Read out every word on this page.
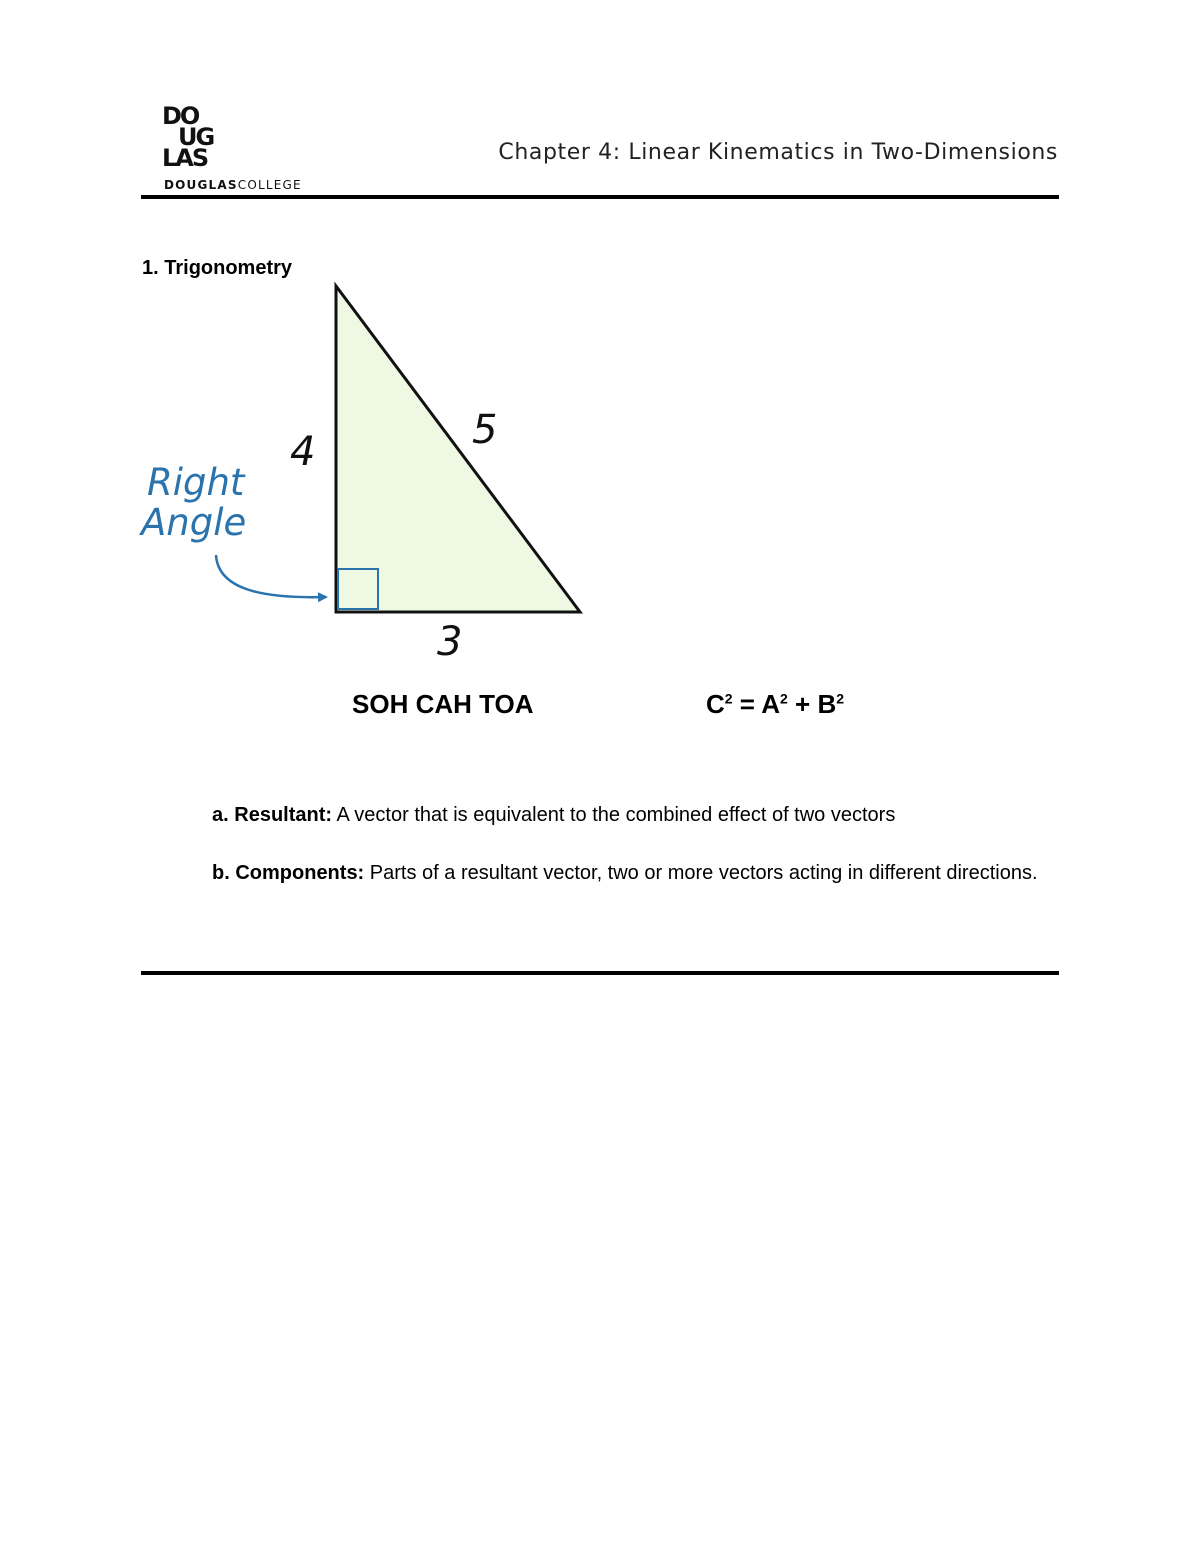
DO
UG
LAS
DOUGLASCOLLEGE
Chapter 4: Linear Kinematics in Two-Dimensions
1. Trigonometry
4	5
3
Right
Angle
SOH CAH TOA	$C^2 = A^2 + B^2$
a. Resultant: A vector that is equivalent to the combined effect of two vectors
b. Components: Parts of a resultant vector, two or more vectors acting in different directions.
